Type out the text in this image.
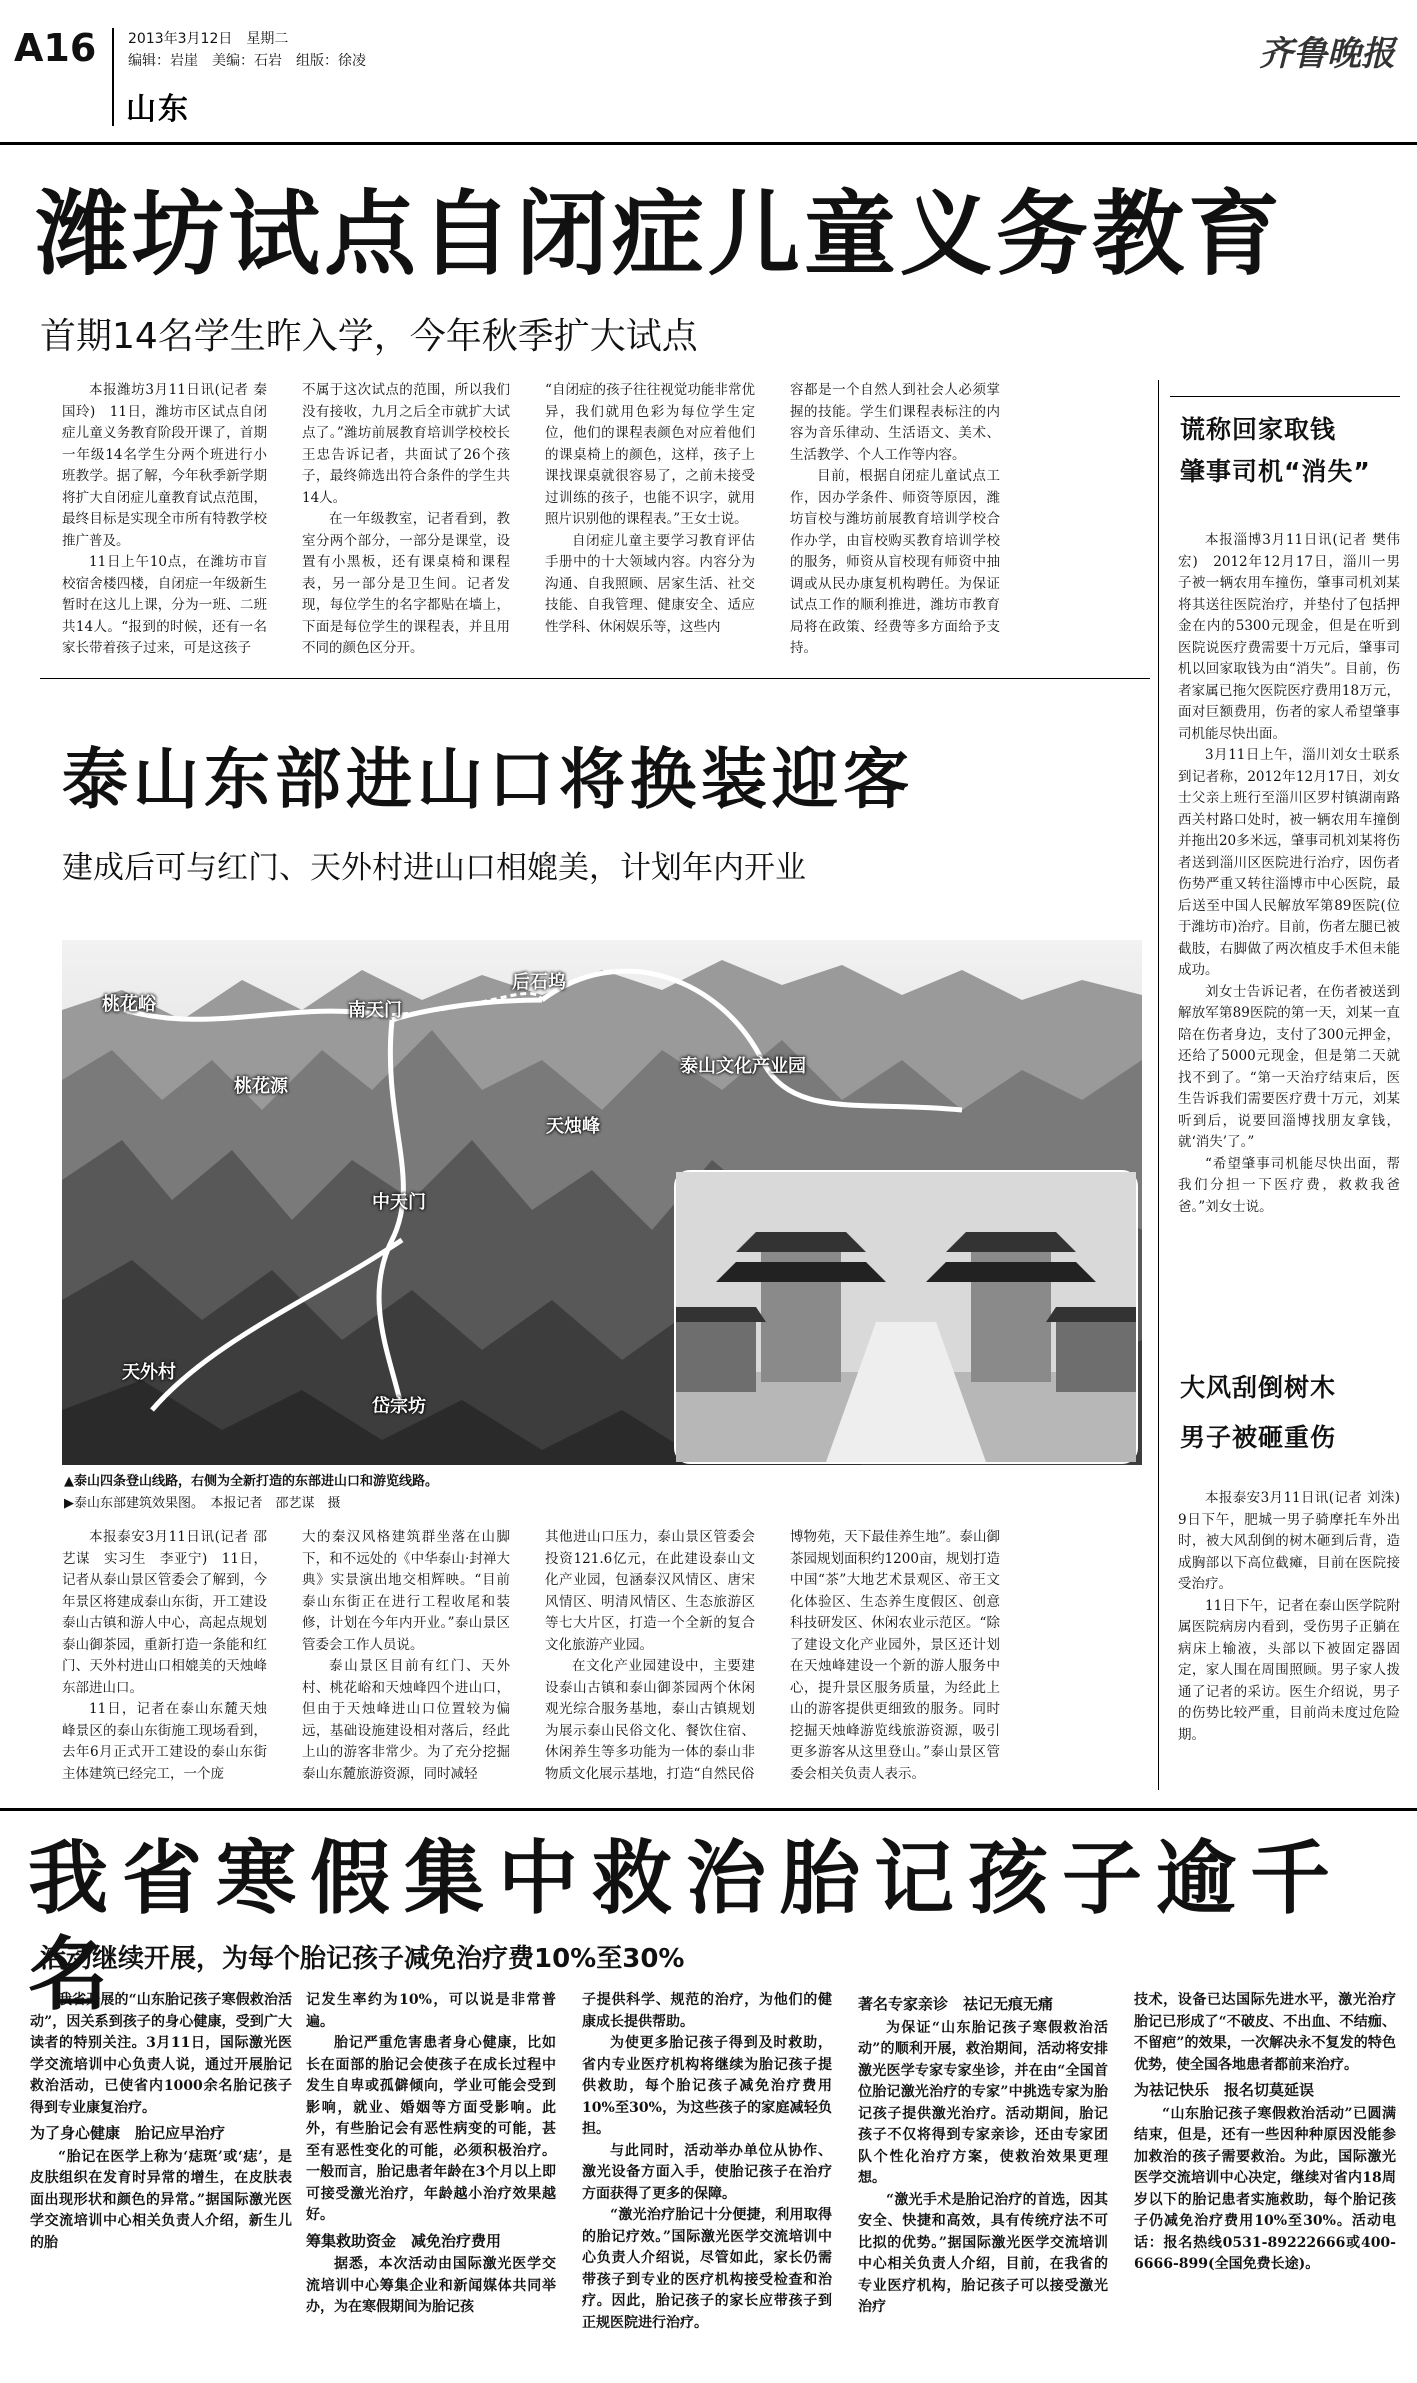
A16 2013年3月12日　星期二
编辑：岩崖　美编：石岩　组版：徐凌
山东
齐鲁晚报
潍坊试点自闭症儿童义务教育
首期14名学生昨入学，今年秋季扩大试点

本报潍坊3月11日讯(记者 秦国玲)　11日，潍坊市区试点自闭症儿童义务教育阶段开课了，首期一年级14名学生分两个班进行小班教学。据了解，今年秋季新学期将扩大自闭症儿童教育试点范围，最终目标是实现全市所有特教学校推广普及。

11日上午10点，在潍坊市盲校宿舍楼四楼，自闭症一年级新生暂时在这儿上课，分为一班、二班共14人。“报到的时候，还有一名家长带着孩子过来，可是这孩子

不属于这次试点的范围，所以我们没有接收，九月之后全市就扩大试点了。”潍坊前展教育培训学校校长王忠告诉记者，共面试了26个孩子，最终筛选出符合条件的学生共14人。

在一年级教室，记者看到，教室分两个部分，一部分是课堂，设置有小黑板，还有课桌椅和课程表，另一部分是卫生间。记者发现，每位学生的名字都贴在墙上，下面是每位学生的课程表，并且用不同的颜色区分开。

“自闭症的孩子往往视觉功能非常优异，我们就用色彩为每位学生定位，他们的课程表颜色对应着他们的课桌椅上的颜色，这样，孩子上课找课桌就很容易了，之前未接受过训练的孩子，也能不识字，就用照片识别他的课程表。”王女士说。

自闭症儿童主要学习教育评估手册中的十大领域内容。内容分为沟通、自我照顾、居家生活、社交技能、自我管理、健康安全、适应性学科、休闲娱乐等，这些内

容都是一个自然人到社会人必须掌握的技能。学生们课程表标注的内容为音乐律动、生活语文、美术、生活教学、个人工作等内容。

目前，根据自闭症儿童试点工作，因办学条件、师资等原因，潍坊盲校与潍坊前展教育培训学校合作办学，由盲校购买教育培训学校的服务，师资从盲校现有师资中抽调或从民办康复机构聘任。为保证试点工作的顺利推进，潍坊市教育局将在政策、经费等多方面给予支持。

谎称回家取钱
肇事司机“消失”

本报淄博3月11日讯(记者 樊伟宏)　2012年12月17日，淄川一男子被一辆农用车撞伤，肇事司机刘某将其送往医院治疗，并垫付了包括押金在内的5300元现金，但是在听到医院说医疗费需要十万元后，肇事司机以回家取钱为由“消失”。目前，伤者家属已拖欠医院医疗费用18万元，面对巨额费用，伤者的家人希望肇事司机能尽快出面。

3月11日上午，淄川刘女士联系到记者称，2012年12月17日，刘女士父亲上班行至淄川区罗村镇湖南路西关村路口处时，被一辆农用车撞倒并拖出20多米远，肇事司机刘某将伤者送到淄川区医院进行治疗，因伤者伤势严重又转往淄博市中心医院，最后送至中国人民解放军第89医院(位于潍坊市)治疗。目前，伤者左腿已被截肢，右脚做了两次植皮手术但未能成功。

刘女士告诉记者，在伤者被送到解放军第89医院的第一天，刘某一直陪在伤者身边，支付了300元押金，还给了5000元现金，但是第二天就找不到了。“第一天治疗结束后，医生告诉我们需要医疗费十万元，刘某听到后，说要回淄博找朋友拿钱，就‘消失’了。”

“希望肇事司机能尽快出面，帮我们分担一下医疗费，救救我爸爸。”刘女士说。

大风刮倒树木
男子被砸重伤

本报泰安3月11日讯(记者 刘洙)　9日下午，肥城一男子骑摩托车外出时，被大风刮倒的树木砸到后背，造成胸部以下高位截瘫，目前在医院接受治疗。

11日下午，记者在泰山医学院附属医院病房内看到，受伤男子正躺在病床上输液，头部以下被固定器固定，家人围在周围照顾。男子家人拨通了记者的采访。医生介绍说，男子的伤势比较严重，目前尚未度过危险期。

泰山东部进山口将换装迎客
建成后可与红门、天外村进山口相媲美，计划年内开业
桃花峪
桃花源
南天门
中天门
天外村
岱宗坊
后石坞
天烛峰
泰山文化产业园
▲泰山四条登山线路，右侧为全新打造的东部进山口和游览线路。
▶泰山东部建筑效果图。　本报记者　邵艺谋　摄

本报泰安3月11日讯(记者 邵艺谋　实习生　李亚宁)　11日，记者从泰山景区管委会了解到，今年景区将建成泰山东街，开工建设泰山古镇和游人中心，高起点规划泰山御茶园，重新打造一条能和红门、天外村进山口相媲美的天烛峰东部进山口。

11日，记者在泰山东麓天烛峰景区的泰山东街施工现场看到，去年6月正式开工建设的泰山东街主体建筑已经完工，一个庞

大的秦汉风格建筑群坐落在山脚下，和不远处的《中华泰山·封禅大典》实景演出地交相辉映。“目前泰山东街正在进行工程收尾和装修，计划在今年内开业。”泰山景区管委会工作人员说。

泰山景区目前有红门、天外村、桃花峪和天烛峰四个进山口，但由于天烛峰进山口位置较为偏远，基础设施建设相对落后，经此上山的游客非常少。为了充分挖掘泰山东麓旅游资源，同时减轻

其他进山口压力，泰山景区管委会投资121.6亿元，在此建设泰山文化产业园，包涵泰汉风情区、唐宋风情区、明清风情区、生态旅游区等七大片区，打造一个全新的复合文化旅游产业园。

在文化产业园建设中，主要建设泰山古镇和泰山御茶园两个休闲观光综合服务基地，泰山古镇规划为展示泰山民俗文化、餐饮住宿、休闲养生等多功能为一体的泰山非物质文化展示基地，打造“自然民俗

博物苑，天下最佳养生地”。泰山御茶园规划面积约1200亩，规划打造中国“茶”大地艺术景观区、帝王文化体验区、生态养生度假区、创意科技研发区、休闲农业示范区。“除了建设文化产业园外，景区还计划在天烛峰建设一个新的游人服务中心，提升景区服务质量，为经此上山的游客提供更细致的服务。同时挖掘天烛峰游览线旅游资源，吸引更多游客从这里登山。”泰山景区管委会相关负责人表示。

我省寒假集中救治胎记孩子逾千名
活动继续开展，为每个胎记孩子减免治疗费10%至30%

我省开展的“山东胎记孩子寒假救治活动”，因关系到孩子的身心健康，受到广大读者的特别关注。3月11日，国际激光医学交流培训中心负责人说，通过开展胎记救治活动，已使省内1000余名胎记孩子得到专业康复治疗。

为了身心健康　胎记应早治疗

“胎记在医学上称为‘痣斑’或‘痣’，是皮肤组织在发育时异常的增生，在皮肤表面出现形状和颜色的异常。”据国际激光医学交流培训中心相关负责人介绍，新生儿的胎

记发生率约为10%，可以说是非常普遍。

胎记严重危害患者身心健康，比如长在面部的胎记会使孩子在成长过程中发生自卑或孤僻倾向，学业可能会受到影响，就业、婚姻等方面受影响。此外，有些胎记会有恶性病变的可能，甚至有恶性变化的可能，必须积极治疗。一般而言，胎记患者年龄在3个月以上即可接受激光治疗，年龄越小治疗效果越好。

筹集救助资金　减免治疗费用

据悉，本次活动由国际激光医学交流培训中心筹集企业和新闻媒体共同举办，为在寒假期间为胎记孩

子提供科学、规范的治疗，为他们的健康成长提供帮助。

为使更多胎记孩子得到及时救助，省内专业医疗机构将继续为胎记孩子提供救助，每个胎记孩子减免治疗费用10%至30%，为这些孩子的家庭减轻负担。

与此同时，活动举办单位从协作、激光设备方面入手，使胎记孩子在治疗方面获得了更多的保障。

“激光治疗胎记十分便捷，利用取得的胎记疗效。”国际激光医学交流培训中心负责人介绍说，尽管如此，家长仍需带孩子到专业的医疗机构接受检查和治疗。因此，胎记孩子的家长应带孩子到正规医院进行治疗。

著名专家亲诊　祛记无痕无痛

为保证“山东胎记孩子寒假救治活动”的顺利开展，救治期间，活动将安排激光医学专家专家坐诊，并在由“全国首位胎记激光治疗的专家”中挑选专家为胎记孩子提供激光治疗。活动期间，胎记孩子不仅将得到专家亲诊，还由专家团队个性化治疗方案，使救治效果更理想。

“激光手术是胎记治疗的首选，因其安全、快捷和高效，具有传统疗法不可比拟的优势。”据国际激光医学交流培训中心相关负责人介绍，目前，在我省的专业医疗机构，胎记孩子可以接受激光治疗

技术，设备已达国际先进水平，激光治疗胎记已形成了“不破皮、不出血、不结痂、不留疤”的效果，一次解决永不复发的特色优势，使全国各地患者都前来治疗。

为祛记快乐　报名切莫延误

“山东胎记孩子寒假救治活动”已圆满结束，但是，还有一些因种种原因没能参加救治的孩子需要救治。为此，国际激光医学交流培训中心决定，继续对省内18周岁以下的胎记患者实施救助，每个胎记孩子仍减免治疗费用10%至30%。活动电话：报名热线0531-89222666或400-6666-899(全国免费长途)。
